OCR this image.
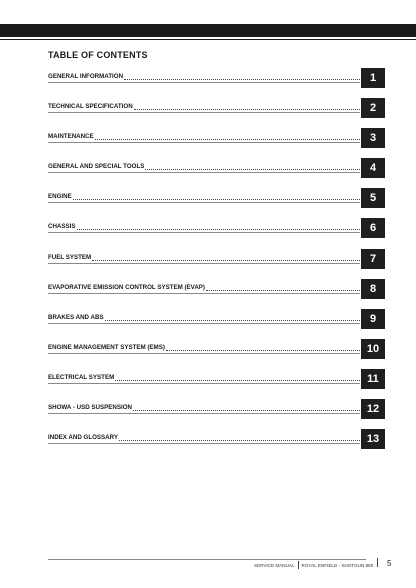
TABLE OF CONTENTS
GENERAL INFORMATION	1
TECHNICAL SPECIFICATION	2
MAINTENANCE	3
GENERAL AND SPECIAL TOOLS	4
ENGINE	5
CHASSIS	6
FUEL SYSTEM	7
EVAPORATIVE EMISSION CONTROL SYSTEM (EVAP)	8
BRAKES AND ABS	9
ENGINE MANAGEMENT SYSTEM (EMS)	10
ELECTRICAL SYSTEM	11
SHOWA - USD SUSPENSION	12
INDEX AND GLOSSARY	13
SERVICE MANUAL ROYAL ENFIELD - SHOTGUN 650 5
